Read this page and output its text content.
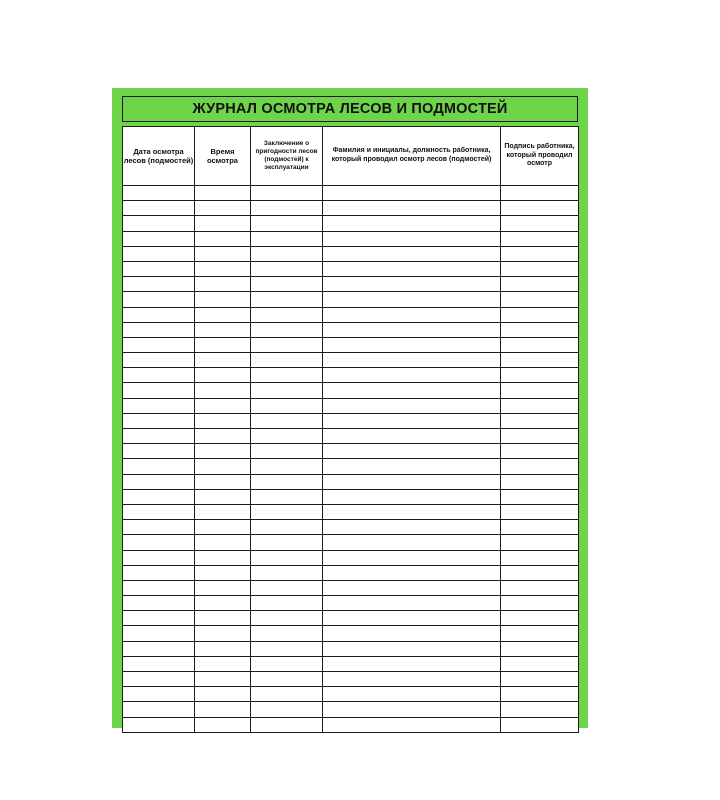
ЖУРНАЛ ОСМОТРА ЛЕСОВ И ПОДМОСТЕЙ
Дата осмотра лесов (подмостей)	Время осмотра	Заключение о пригодности лесов (подмостей) к эксплуатации	Фамилия и инициалы, должность работника, который проводил осмотр лесов (подмостей)	Подпись работника, который проводил осмотр
